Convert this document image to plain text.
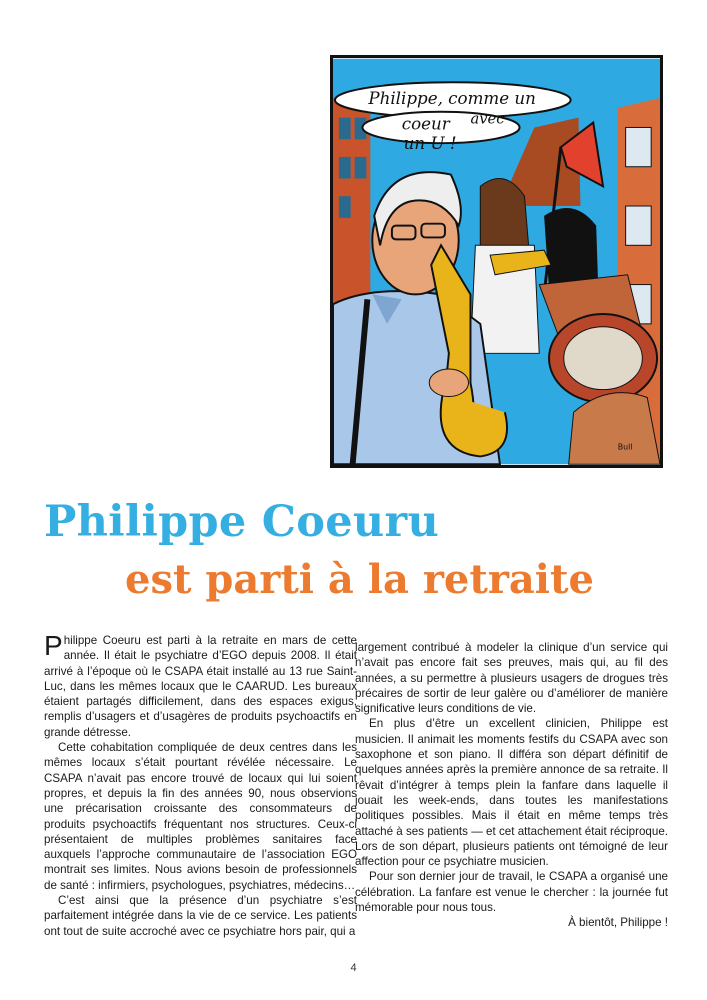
Philippe, comme un
coeur avec
un U !
Bull
Philippe Coeuru
est parti à la retraite

Philippe Coeuru est parti à la retraite en mars de cette année. Il était le psychiatre d’EGO depuis 2008. Il était arrivé à l’époque où le CSAPA était installé au 13 rue Saint-Luc, dans les mêmes locaux que le CAARUD. Les bureaux étaient partagés difficilement, dans des espaces exigus, remplis d’usagers et d’usagères de produits psychoactifs en grande détresse.

Cette cohabitation compliquée de deux centres dans les mêmes locaux s’était pourtant révélée nécessaire. Le CSAPA n’avait pas encore trouvé de locaux qui lui soient propres, et depuis la fin des années 90, nous observions une précarisation croissante des consommateurs de produits psychoactifs fréquentant nos structures. Ceux-ci présentaient de multiples problèmes sanitaires face auxquels l’approche communautaire de l’association EGO montrait ses limites. Nous avions besoin de professionnels de santé : infirmiers, psychologues, psychiatres, médecins…

C’est ainsi que la présence d’un psychiatre s’est parfaitement intégrée dans la vie de ce service. Les patients ont tout de suite accroché avec ce psychiatre hors pair, qui a

largement contribué à modeler la clinique d’un service qui n’avait pas encore fait ses preuves, mais qui, au fil des années, a su permettre à plusieurs usagers de drogues très précaires de sortir de leur galère ou d’améliorer de manière significative leurs conditions de vie.

En plus d’être un excellent clinicien, Philippe est musicien. Il animait les moments festifs du CSAPA avec son saxophone et son piano. Il différa son départ définitif de quelques années après la première annonce de sa retraite. Il rêvait d’intégrer à temps plein la fanfare dans laquelle il jouait les week-ends, dans toutes les manifestations politiques possibles. Mais il était en même temps très attaché à ses patients — et cet attachement était réciproque. Lors de son départ, plusieurs patients ont témoigné de leur affection pour ce psychiatre musicien.

Pour son dernier jour de travail, le CSAPA a organisé une célébration. La fanfare est venue le chercher : la journée fut mémorable pour nous tous.

À bientôt, Philippe !

4
